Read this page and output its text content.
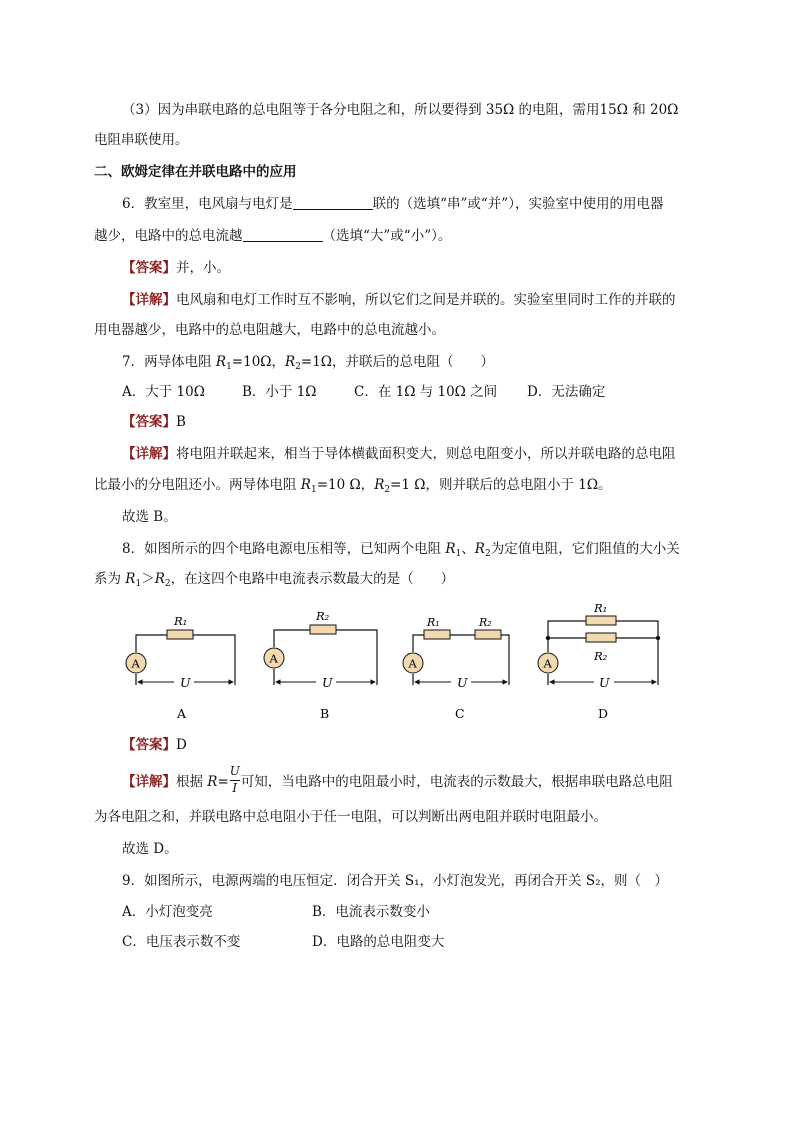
（3）因为串联电路的总电阻等于各分电阻之和，所以要得到 35Ω 的电阻，需用15Ω 和 20Ω
电阻串联使用。
二、欧姆定律在并联电路中的应用
6．教室里，电风扇与电灯是	联的（选填“串”或“并”），实验室中使用的用电器
越少，电路中的总电流越	（选填“大”或“小”）。
【答案】并，小。
【详解】电风扇和电灯工作时互不影响，所以它们之间是并联的。实验室里同时工作的并联的
用电器越少，电路中的总电阻越大，电路中的总电流越小。
7．两导体电阻 $R_1=10\Omega$，$R_2=1\Omega$，并联后的总电阻（　　）
A．大于 10Ω	B．小于 1Ω	C．在 1Ω 与 10Ω 之间 D．无法确定
【答案】B
【详解】将电阻并联起来，相当于导体横截面积变大，则总电阻变小，所以并联电路的总电阻
比最小的分电阻还小。两导体电阻 $R_1=10$ Ω，$R_2=1$ Ω，则并联后的总电阻小于 1Ω。
故选 B。
8．如图所示的四个电路电源电压相等，已知两个电阻 $R_1$、$R_2$为定值电阻，它们阻值的大小关
系为 $R_1>R_2$，在这四个电路中电流表示数最大的是（　　）
R₁
A
U
A
R₂
A
U
B
R₁	R₂
A
U
C
R₁
R₂
A
U
D
【答案】D
【详解】根据 $R= \frac{U}{I}$ 可知，当电路中的电阻最小时，电流表的示数最大，根据串联电路总电阻
为各电阻之和，并联电路中总电阻小于任一电阻，可以判断出两电阻并联时电阻最小。
故选 D。
9．如图所示，电源两端的电压恒定．闭合开关 S₁，小灯泡发光，再闭合开关 S₂，则（　）
A．小灯泡变亮	B．电流表示数变小
C．电压表示数不变	D．电路的总电阻变大
